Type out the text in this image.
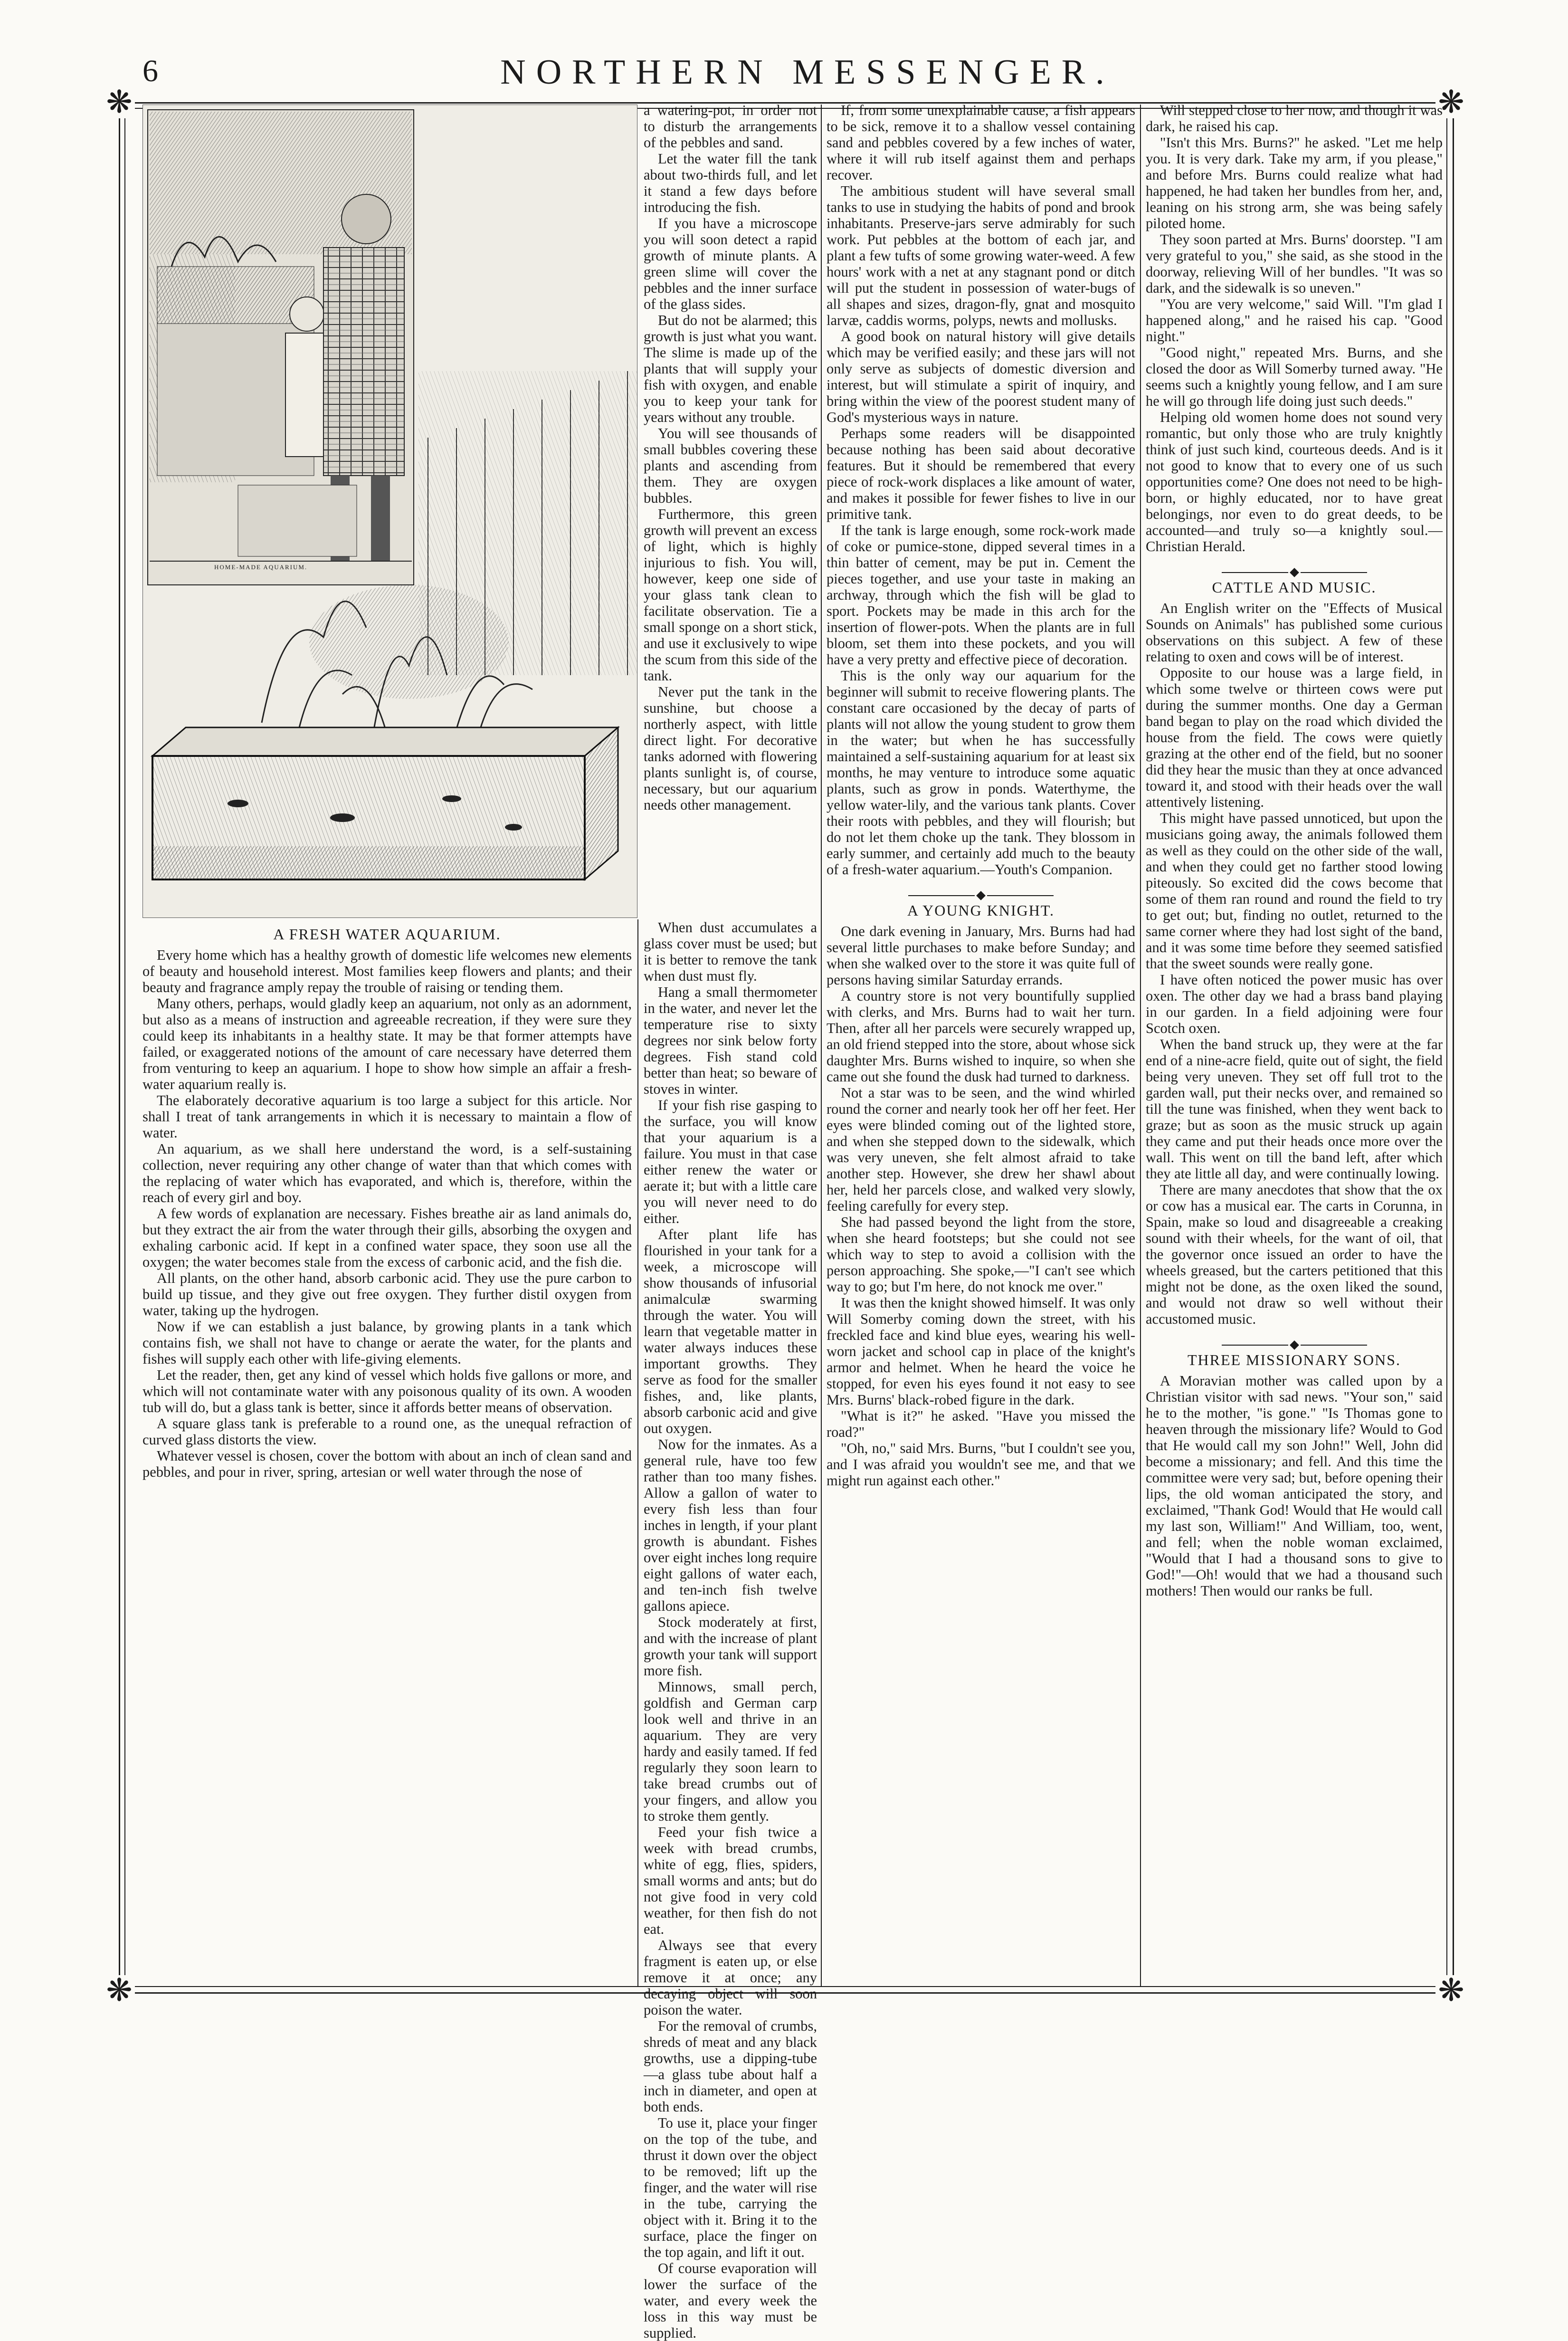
6	NORTHERN MESSENGER.
❋	❋
❋	❋
HOME-MADE AQUARIUM.
A FRESH WATER AQUARIUM.

Every home which has a healthy growth of domestic life welcomes new elements of beauty and household interest. Most families keep flowers and plants; and their beauty and fragrance amply repay the trouble of raising or tending them.

Many others, perhaps, would gladly keep an aquarium, not only as an adornment, but also as a means of instruction and agreeable recreation, if they were sure they could keep its inhabitants in a healthy state. It may be that former attempts have failed, or exaggerated notions of the amount of care necessary have deterred them from venturing to keep an aquarium. I hope to show how simple an affair a fresh-water aquarium really is.

The elaborately decorative aquarium is too large a subject for this article. Nor shall I treat of tank arrangements in which it is necessary to maintain a flow of water.

An aquarium, as we shall here understand the word, is a self-sustaining collection, never requiring any other change of water than that which comes with the replacing of water which has evaporated, and which is, therefore, within the reach of every girl and boy.

A few words of explanation are necessary. Fishes breathe air as land animals do, but they extract the air from the water through their gills, absorbing the oxygen and exhaling carbonic acid. If kept in a confined water space, they soon use all the oxygen; the water becomes stale from the excess of carbonic acid, and the fish die.

All plants, on the other hand, absorb carbonic acid. They use the pure carbon to build up tissue, and they give out free oxygen. They further distil oxygen from water, taking up the hydrogen.

Now if we can establish a just balance, by growing plants in a tank which contains fish, we shall not have to change or aerate the water, for the plants and fishes will supply each other with life-giving elements.

Let the reader, then, get any kind of vessel which holds five gallons or more, and which will not contaminate water with any poisonous quality of its own. A wooden tub will do, but a glass tank is better, since it affords better means of observation.

A square glass tank is preferable to a round one, as the unequal refraction of curved glass distorts the view.

Whatever vessel is chosen, cover the bottom with about an inch of clean sand and pebbles, and pour in river, spring, artesian or well water through the nose of

a watering-pot, in order not to disturb the arrangements of the pebbles and sand.

Let the water fill the tank about two-thirds full, and let it stand a few days before introducing the fish.

If you have a microscope you will soon detect a rapid growth of minute plants. A green slime will cover the pebbles and the inner surface of the glass sides.

But do not be alarmed; this growth is just what you want. The slime is made up of the plants that will supply your fish with oxygen, and enable you to keep your tank for years without any trouble.

You will see thousands of small bubbles covering these plants and ascending from them. They are oxygen bubbles.

Furthermore, this green growth will prevent an excess of light, which is highly injurious to fish. You will, however, keep one side of your glass tank clean to facilitate observation. Tie a small sponge on a short stick, and use it exclusively to wipe the scum from this side of the tank.

Never put the tank in the sunshine, but choose a northerly aspect, with little direct light. For decorative tanks adorned with flowering plants sunlight is, of course, necessary, but our aquarium needs other management.

When dust accumulates a glass cover must be used; but it is better to remove the tank when dust must fly.

Hang a small thermometer in the water, and never let the temperature rise to sixty degrees nor sink below forty degrees. Fish stand cold better than heat; so beware of stoves in winter.

If your fish rise gasping to the surface, you will know that your aquarium is a failure. You must in that case either renew the water or aerate it; but with a little care you will never need to do either.

After plant life has flourished in your tank for a week, a microscope will show thousands of infusorial animalculæ swarming through the water. You will learn that vegetable matter in water always induces these important growths. They serve as food for the smaller fishes, and, like plants, absorb carbonic acid and give out oxygen.

Now for the inmates. As a general rule, have too few rather than too many fishes. Allow a gallon of water to every fish less than four inches in length, if your plant growth is abundant. Fishes over eight inches long require eight gallons of water each, and ten-inch fish twelve gallons apiece.

Stock moderately at first, and with the increase of plant growth your tank will support more fish.

Minnows, small perch, goldfish and German carp look well and thrive in an aquarium. They are very hardy and easily tamed. If fed regularly they soon learn to take bread crumbs out of your fingers, and allow you to stroke them gently.

Feed your fish twice a week with bread crumbs, white of egg, flies, spiders, small worms and ants; but do not give food in very cold weather, for then fish do not eat.

Always see that every fragment is eaten up, or else remove it at once; any decaying object will soon poison the water.

For the removal of crumbs, shreds of meat and any black growths, use a dipping-tube—a glass tube about half a inch in diameter, and open at both ends.

To use it, place your finger on the top of the tube, and thrust it down over the object to be removed; lift up the finger, and the water will rise in the tube, carrying the object with it. Bring it to the surface, place the finger on the top again, and lift it out.

Of course evaporation will lower the surface of the water, and every week the loss in this way must be supplied.

If, from some unexplainable cause, a fish appears to be sick, remove it to a shallow vessel containing sand and pebbles covered by a few inches of water, where it will rub itself against them and perhaps recover.

The ambitious student will have several small tanks to use in studying the habits of pond and brook inhabitants. Preserve-jars serve admirably for such work. Put pebbles at the bottom of each jar, and plant a few tufts of some growing water-weed. A few hours' work with a net at any stagnant pond or ditch will put the student in possession of water-bugs of all shapes and sizes, dragon-fly, gnat and mosquito larvæ, caddis worms, polyps, newts and mollusks.

A good book on natural history will give details which may be verified easily; and these jars will not only serve as subjects of domestic diversion and interest, but will stimulate a spirit of inquiry, and bring within the view of the poorest student many of God's mysterious ways in nature.

Perhaps some readers will be disappointed because nothing has been said about decorative features. But it should be remembered that every piece of rock-work displaces a like amount of water, and makes it possible for fewer fishes to live in our primitive tank.

If the tank is large enough, some rock-work made of coke or pumice-stone, dipped several times in a thin batter of cement, may be put in. Cement the pieces together, and use your taste in making an archway, through which the fish will be glad to sport. Pockets may be made in this arch for the insertion of flower-pots. When the plants are in full bloom, set them into these pockets, and you will have a very pretty and effective piece of decoration.

This is the only way our aquarium for the beginner will submit to receive flowering plants. The constant care occasioned by the decay of parts of plants will not allow the young student to grow them in the water; but when he has successfully maintained a self-sustaining aquarium for at least six months, he may venture to introduce some aquatic plants, such as grow in ponds. Waterthyme, the yellow water-lily, and the various tank plants. Cover their roots with pebbles, and they will flourish; but do not let them choke up the tank. They blossom in early summer, and certainly add much to the beauty of a fresh-water aquarium.—Youth's Companion.

A YOUNG KNIGHT.

One dark evening in January, Mrs. Burns had had several little purchases to make before Sunday; and when she walked over to the store it was quite full of persons having similar Saturday errands.

A country store is not very bountifully supplied with clerks, and Mrs. Burns had to wait her turn. Then, after all her parcels were securely wrapped up, an old friend stepped into the store, about whose sick daughter Mrs. Burns wished to inquire, so when she came out she found the dusk had turned to darkness.

Not a star was to be seen, and the wind whirled round the corner and nearly took her off her feet. Her eyes were blinded coming out of the lighted store, and when she stepped down to the sidewalk, which was very uneven, she felt almost afraid to take another step. However, she drew her shawl about her, held her parcels close, and walked very slowly, feeling carefully for every step.

She had passed beyond the light from the store, when she heard footsteps; but she could not see which way to step to avoid a collision with the person approaching. She spoke,—"I can't see which way to go; but I'm here, do not knock me over."

It was then the knight showed himself. It was only Will Somerby coming down the street, with his freckled face and kind blue eyes, wearing his well-worn jacket and school cap in place of the knight's armor and helmet. When he heard the voice he stopped, for even his eyes found it not easy to see Mrs. Burns' black-robed figure in the dark.

"What is it?" he asked. "Have you missed the road?"

"Oh, no," said Mrs. Burns, "but I couldn't see you, and I was afraid you wouldn't see me, and that we might run against each other."

Will stepped close to her now, and though it was dark, he raised his cap.

"Isn't this Mrs. Burns?" he asked. "Let me help you. It is very dark. Take my arm, if you please," and before Mrs. Burns could realize what had happened, he had taken her bundles from her, and, leaning on his strong arm, she was being safely piloted home.

They soon parted at Mrs. Burns' doorstep. "I am very grateful to you," she said, as she stood in the doorway, relieving Will of her bundles. "It was so dark, and the sidewalk is so uneven."

"You are very welcome," said Will. "I'm glad I happened along," and he raised his cap. "Good night."

"Good night," repeated Mrs. Burns, and she closed the door as Will Somerby turned away. "He seems such a knightly young fellow, and I am sure he will go through life doing just such deeds."

Helping old women home does not sound very romantic, but only those who are truly knightly think of just such kind, courteous deeds. And is it not good to know that to every one of us such opportunities come? One does not need to be high-born, or highly educated, nor to have great belongings, nor even to do great deeds, to be accounted—and truly so—a knightly soul.—Christian Herald.

CATTLE AND MUSIC.

An English writer on the "Effects of Musical Sounds on Animals" has published some curious observations on this subject. A few of these relating to oxen and cows will be of interest.

Opposite to our house was a large field, in which some twelve or thirteen cows were put during the summer months. One day a German band began to play on the road which divided the house from the field. The cows were quietly grazing at the other end of the field, but no sooner did they hear the music than they at once advanced toward it, and stood with their heads over the wall attentively listening.

This might have passed unnoticed, but upon the musicians going away, the animals followed them as well as they could on the other side of the wall, and when they could get no farther stood lowing piteously. So excited did the cows become that some of them ran round and round the field to try to get out; but, finding no outlet, returned to the same corner where they had lost sight of the band, and it was some time before they seemed satisfied that the sweet sounds were really gone.

I have often noticed the power music has over oxen. The other day we had a brass band playing in our garden. In a field adjoining were four Scotch oxen.

When the band struck up, they were at the far end of a nine-acre field, quite out of sight, the field being very uneven. They set off full trot to the garden wall, put their necks over, and remained so till the tune was finished, when they went back to graze; but as soon as the music struck up again they came and put their heads once more over the wall. This went on till the band left, after which they ate little all day, and were continually lowing.

There are many anecdotes that show that the ox or cow has a musical ear. The carts in Corunna, in Spain, make so loud and disagreeable a creaking sound with their wheels, for the want of oil, that the governor once issued an order to have the wheels greased, but the carters petitioned that this might not be done, as the oxen liked the sound, and would not draw so well without their accustomed music.

THREE MISSIONARY SONS.

A Moravian mother was called upon by a Christian visitor with sad news. "Your son," said he to the mother, "is gone." "Is Thomas gone to heaven through the missionary life? Would to God that He would call my son John!" Well, John did become a missionary; and fell. And this time the committee were very sad; but, before opening their lips, the old woman anticipated the story, and exclaimed, "Thank God! Would that He would call my last son, William!" And William, too, went, and fell; when the noble woman exclaimed, "Would that I had a thousand sons to give to God!"—Oh! would that we had a thousand such mothers! Then would our ranks be full.
